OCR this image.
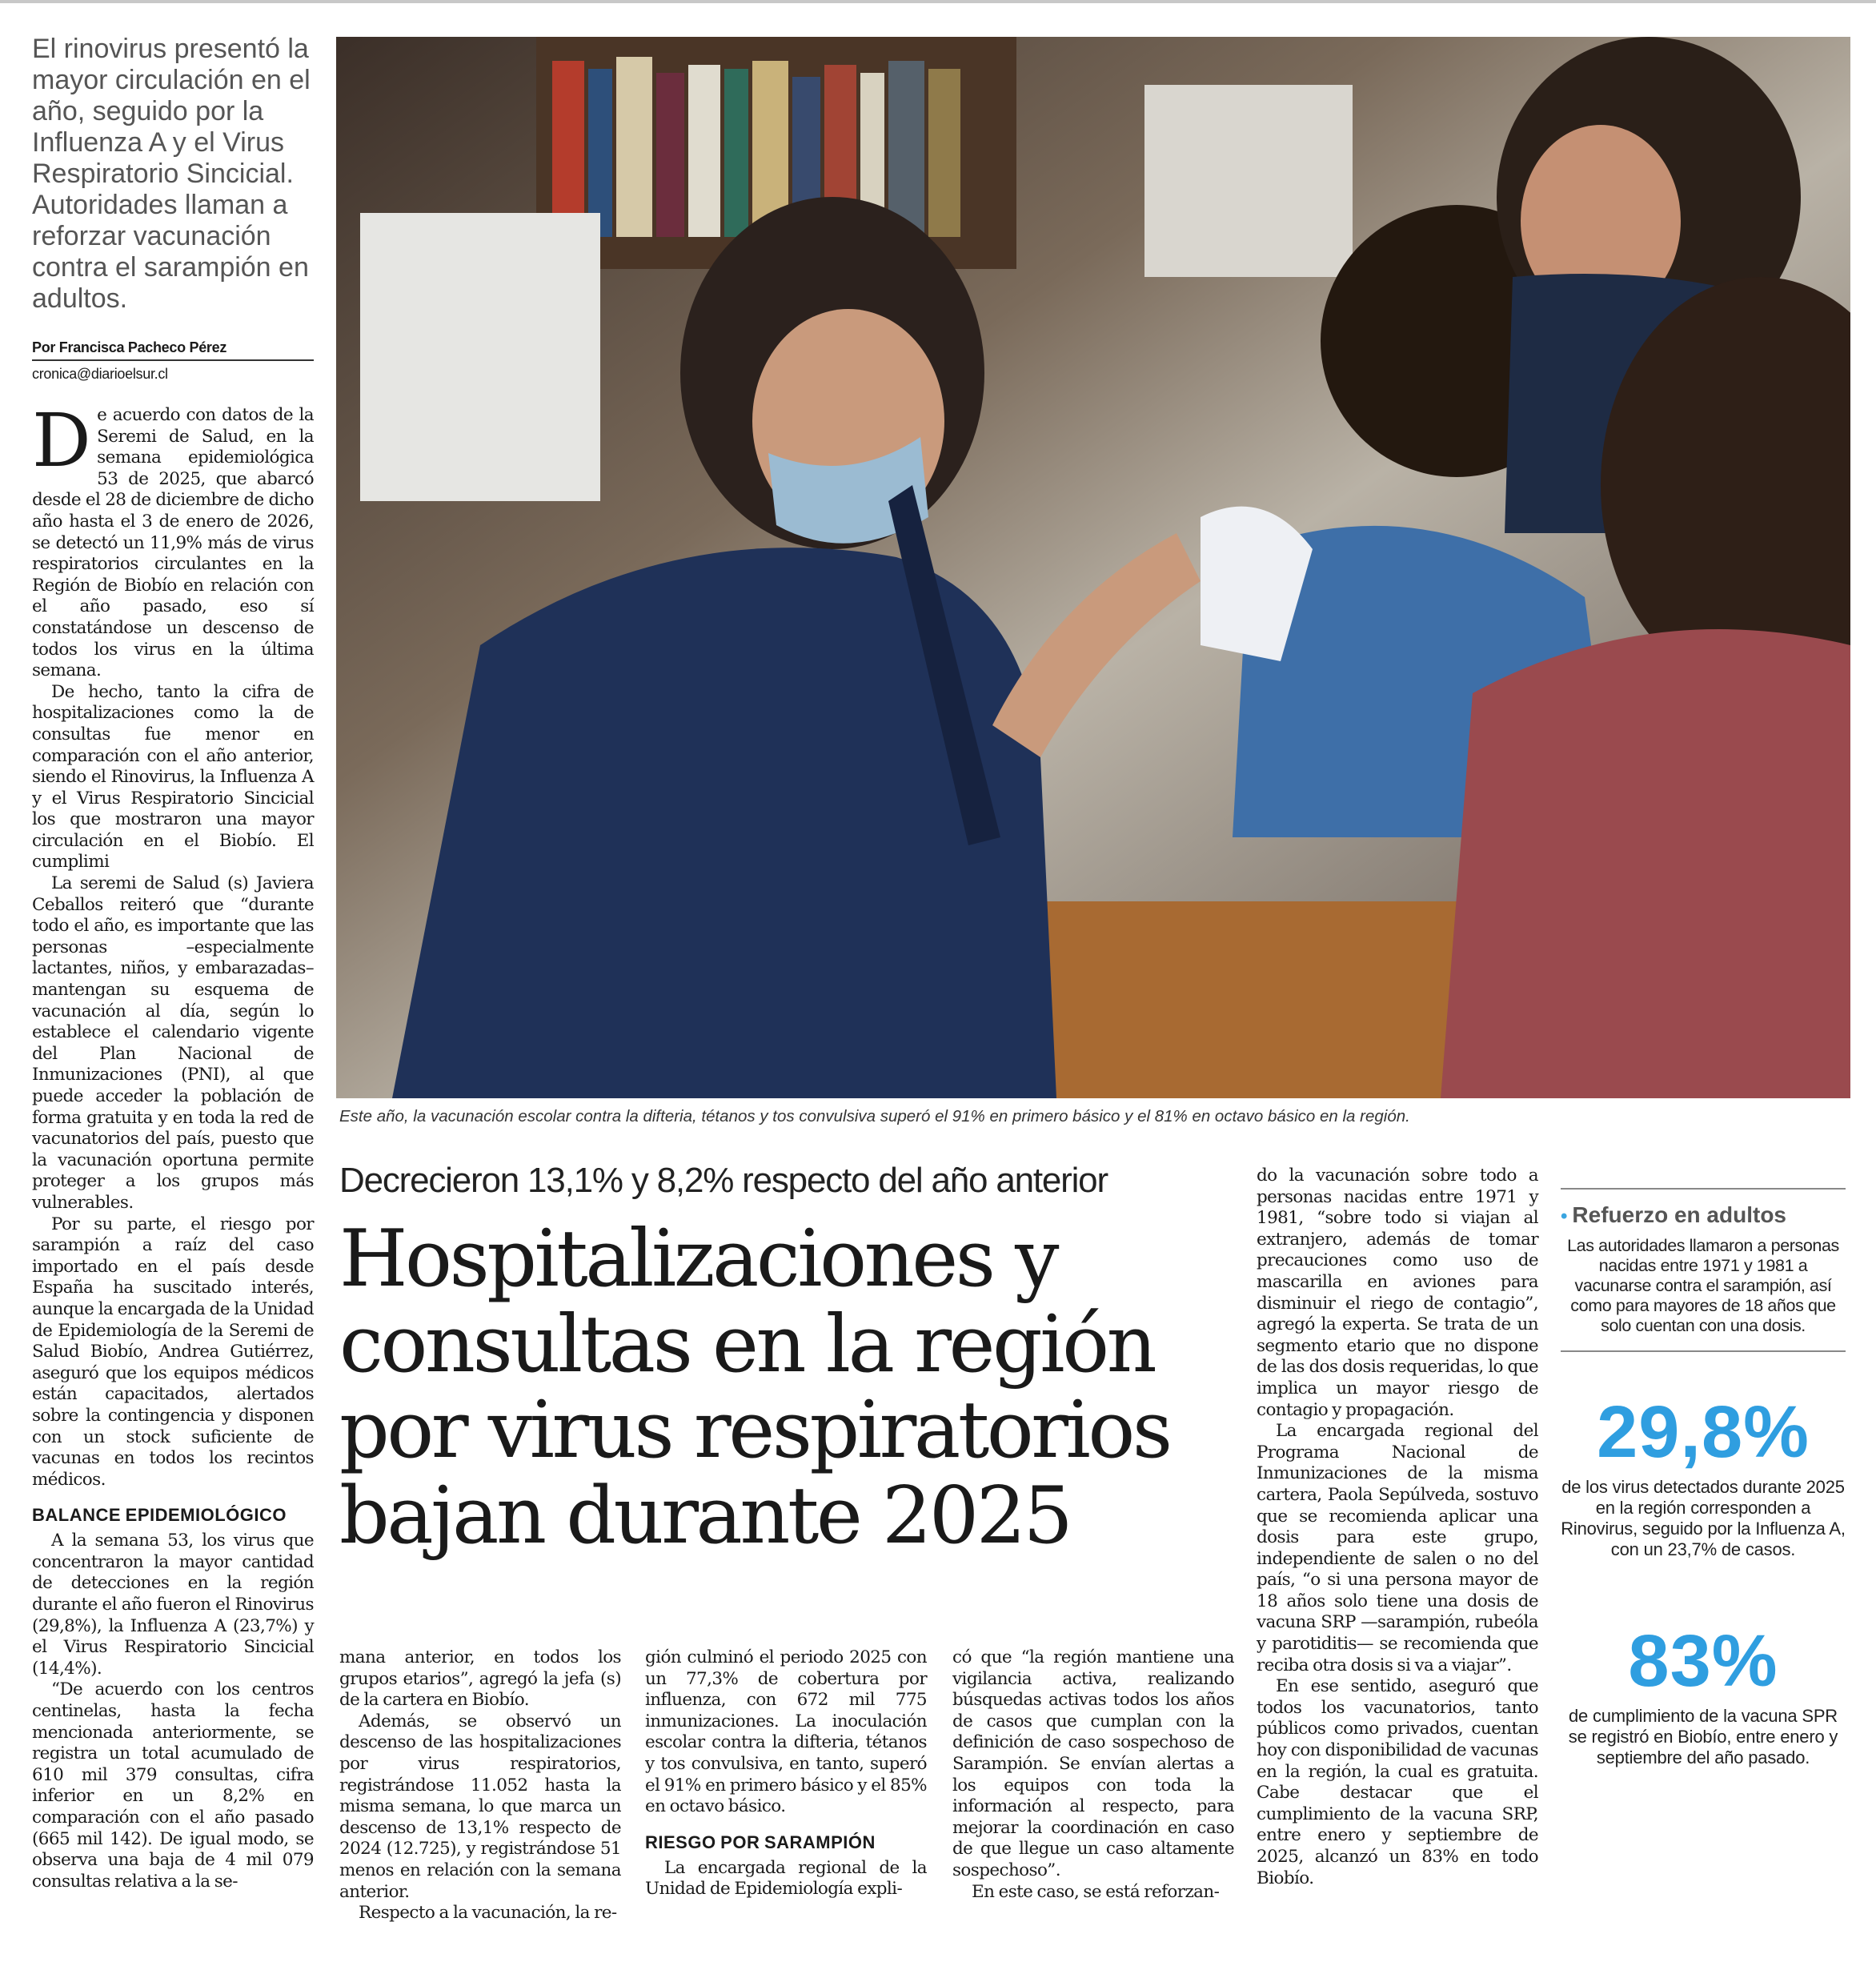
El rinovirus presentó la mayor circulación en el año, seguido por la Influenza A y el Virus Respiratorio Sincicial. Autoridades llaman a reforzar vacunación contra el sarampión en adultos.
Por Francisca Pacheco Pérez
cronica@diarioelsur.cl

De acuerdo con datos de la Seremi de Salud, en la semana epidemiológica 53 de 2025, que abarcó desde el 28 de diciembre de dicho año hasta el 3 de enero de 2026, se detectó un 11,9% más de virus respiratorios circulantes en la Región de Biobío en relación con el año pasado, eso sí constatándose un descenso de todos los virus en la última semana.

De hecho, tanto la cifra de hospitalizaciones como la de consultas fue menor en comparación con el año anterior, siendo el Rinovirus, la Influenza A y el Virus Respiratorio Sincicial los que mostraron una mayor circulación en el Biobío. El cumplimi

La seremi de Salud (s) Javiera Ceballos reiteró que “durante todo el año, es importante que las personas –especialmente lactantes, niños, y embarazadas– mantengan su esquema de vacunación al día, según lo establece el calendario vigente del Plan Nacional de Inmunizaciones (PNI), al que puede acceder la población de forma gratuita y en toda la red de vacunatorios del país, puesto que la vacunación oportuna permite proteger a los grupos más vulnerables.

Por su parte, el riesgo por sarampión a raíz del caso importado en el país desde España ha suscitado interés, aunque la encargada de la Unidad de Epidemiología de la Seremi de Salud Biobío, Andrea Gutiérrez, aseguró que los equipos médicos están capacitados, alertados sobre la contingencia y disponen con un stock suficiente de vacunas en todos los recintos médicos.

BALANCE EPIDEMIOLÓGICO

A la semana 53, los virus que concentraron la mayor cantidad de detecciones en la región durante el año fueron el Rinovirus (29,8%), la Influenza A (23,7%) y el Virus Respiratorio Sincicial (14,4%).

“De acuerdo con los centros centinelas, hasta la fecha mencionada anteriormente, se registra un total acumulado de 610 mil 379 consultas, cifra inferior en un 8,2% en comparación con el año pasado (665 mil 142). De igual modo, se observa una baja de 4 mil 079 consultas relativa a la se-

Este año, la vacunación escolar contra la difteria, tétanos y tos convulsiva superó el 91% en primero básico y el 81% en octavo básico en la región.
Decrecieron 13,1% y 8,2% respecto del año anterior
Hospitalizaciones y consultas en la región por virus respiratorios bajan durante 2025

mana anterior, en todos los grupos etarios”, agregó la jefa (s) de la cartera en Biobío.

Además, se observó un descenso de las hospitalizaciones por virus respiratorios, registrándose 11.052 hasta la misma semana, lo que marca un descenso de 13,1% respecto de 2024 (12.725), y registrándose 51 menos en relación con la semana anterior.

Respecto a la vacunación, la re-

gión culminó el periodo 2025 con un 77,3% de cobertura por influenza, con 672 mil 775 inmunizaciones. La inoculación escolar contra la difteria, tétanos y tos convulsiva, en tanto, superó el 91% en primero básico y el 85% en octavo básico.

RIESGO POR SARAMPIÓN

La encargada regional de la Unidad de Epidemiología expli-

có que “la región mantiene una vigilancia activa, realizando búsquedas activas todos los años de casos que cumplan con la definición de caso sospechoso de Sarampión. Se envían alertas a los equipos con toda la información al respecto, para mejorar la coordinación en caso de que llegue un caso altamente sospechoso”.

En este caso, se está reforzan-

do la vacunación sobre todo a personas nacidas entre 1971 y 1981, “sobre todo si viajan al extranjero, además de tomar precauciones como uso de mascarilla en aviones para disminuir el riego de contagio”, agregó la experta. Se trata de un segmento etario que no dispone de las dos dosis requeridas, lo que implica un mayor riesgo de contagio y propagación.

La encargada regional del Programa Nacional de Inmunizaciones de la misma cartera, Paola Sepúlveda, sostuvo que se recomienda aplicar una dosis para este grupo, independiente de salen o no del país, “o si una persona mayor de 18 años solo tiene una dosis de vacuna SRP —sarampión, rubeóla y parotiditis— se recomienda que reciba otra dosis si va a viajar”.

En ese sentido, aseguró que todos los vacunatorios, tanto públicos como privados, cuentan hoy con disponibilidad de vacunas en la región, la cual es gratuita. Cabe destacar que el cumplimiento de la vacuna SRP, entre enero y septiembre de 2025, alcanzó un 83% en todo Biobío.

• Refuerzo en adultos
Las autoridades llamaron a personas nacidas entre 1971 y 1981 a vacunarse contra el sarampión, así como para mayores de 18 años que solo cuentan con una dosis.
29,8%
de los virus detectados durante 2025 en la región corresponden a Rinovirus, seguido por la Influenza A, con un 23,7% de casos.
83%
de cumplimiento de la vacuna SPR se registró en Biobío, entre enero y septiembre del año pasado.
